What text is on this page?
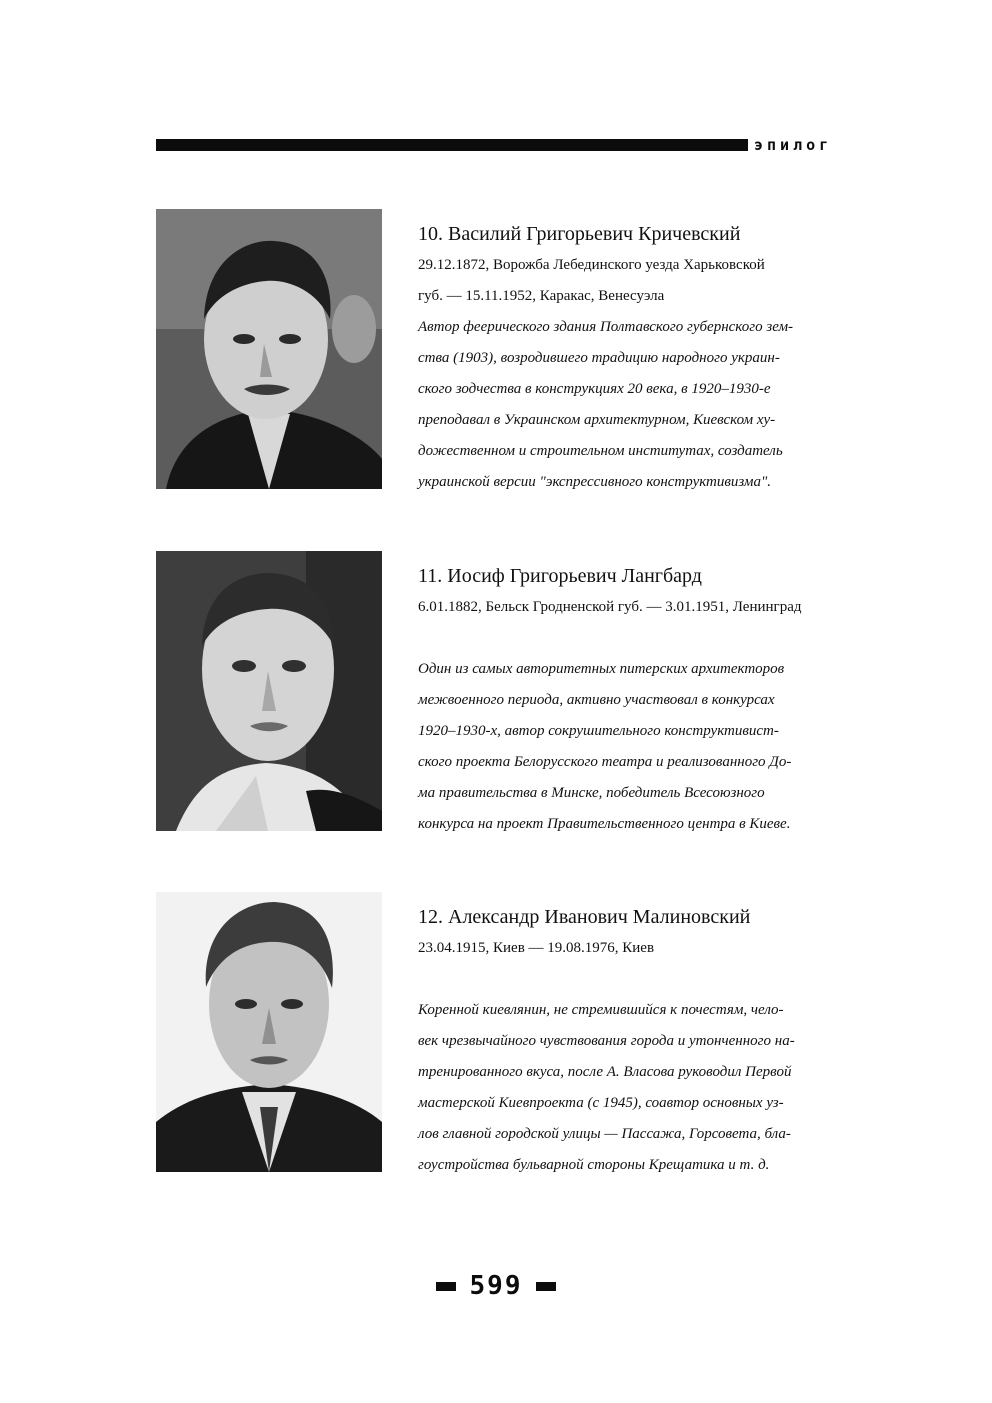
эпилог
10. Василий Григорьевич Кричевский
29.12.1872, Ворожба Лебединского уезда Харьковской
губ. — 15.11.1952, Каракас, Венесуэла
Автор феерического здания Полтавского губернского зем-
ства (1903), возродившего традицию народного украин-
ского зодчества в конструкциях 20 века, в 1920–1930-е
преподавал в Украинском архитектурном, Киевском ху-
дожественном и строительном институтах, создатель
украинской версии "экспрессивного конструктивизма".
11. Иосиф Григорьевич Лангбард
6.01.1882, Бельск Гродненской губ. — 3.01.1951, Ленинград
Один из самых авторитетных питерских архитекторов
межвоенного периода, активно участвовал в конкурсах
1920–1930-х, автор сокрушительного конструктивист-
ского проекта Белорусского театра и реализованного До-
ма правительства в Минске, победитель Всесоюзного
конкурса на проект Правительственного центра в Киеве.
12. Александр Иванович Малиновский
23.04.1915, Киев — 19.08.1976, Киев
Коренной киевлянин, не стремившийся к почестям, чело-
век чрезвычайного чувствования города и утонченного на-
тренированного вкуса, после А. Власова руководил Первой
мастерской Киевпроекта (с 1945), соавтор основных уз-
лов главной городской улицы — Пассажа, Горсовета, бла-
гоустройства бульварной стороны Крещатика и т. д.
599
